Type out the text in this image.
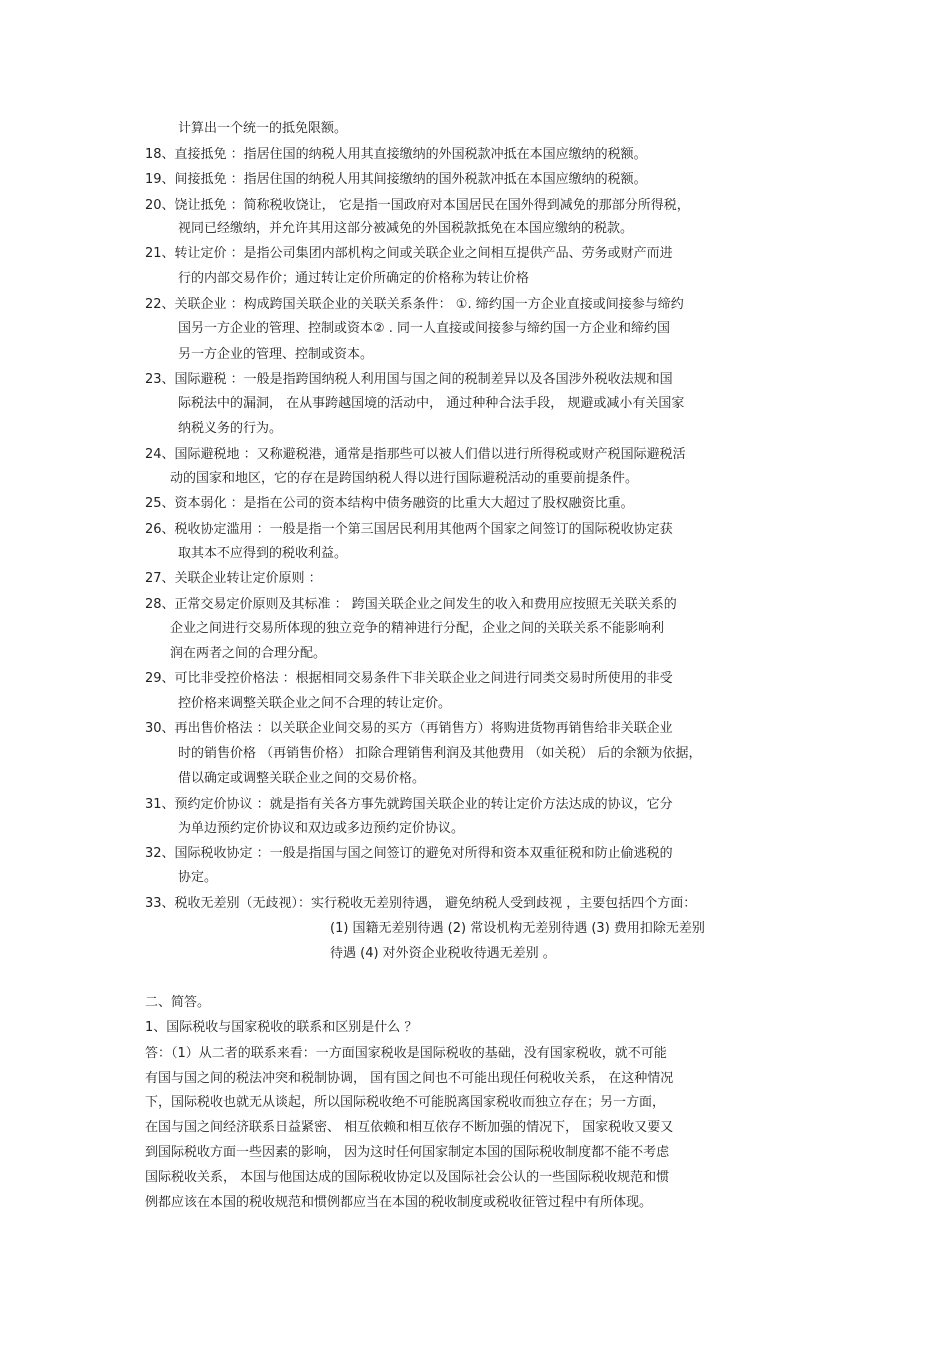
计算出一个统一的抵免限额。

18、直接抵免 ：指居住国的纳税人用其直接缴纳的外国税款冲抵在本国应缴纳的税额。

19、间接抵免 ：指居住国的纳税人用其间接缴纳的国外税款冲抵在本国应缴纳的税额。

20、饶让抵免 ：简称税收饶让， 它是指一国政府对本国居民在国外得到减免的那部分所得税，

视同已经缴纳，并允许其用这部分被减免的外国税款抵免在本国应缴纳的税款。

21、转让定价 ：是指公司集团内部机构之间或关联企业之间相互提供产品、劳务或财产而进

行的内部交易作价；通过转让定价所确定的价格称为转让价格

22、关联企业 ：构成跨国关联企业的关联关系条件： ①. 缔约国一方企业直接或间接参与缔约

国另一方企业的管理、控制或资本② . 同一人直接或间接参与缔约国一方企业和缔约国

另一方企业的管理、控制或资本。

23、国际避税 ：一般是指跨国纳税人利用国与国之间的税制差异以及各国涉外税收法规和国

际税法中的漏洞， 在从事跨越国境的活动中， 通过种种合法手段， 规避或减小有关国家

纳税义务的行为。

24、国际避税地 ：又称避税港，通常是指那些可以被人们借以进行所得税或财产税国际避税活

动的国家和地区，它的存在是跨国纳税人得以进行国际避税活动的重要前提条件。

25、资本弱化 ：是指在公司的资本结构中债务融资的比重大大超过了股权融资比重。

26、税收协定滥用 ：一般是指一个第三国居民利用其他两个国家之间签订的国际税收协定获

取其本不应得到的税收利益。

27、关联企业转让定价原则 ：

28、正常交易定价原则及其标准 ： 跨国关联企业之间发生的收入和费用应按照无关联关系的

企业之间进行交易所体现的独立竞争的精神进行分配，企业之间的关联关系不能影响利

润在两者之间的合理分配。

29、可比非受控价格法 ：根据相同交易条件下非关联企业之间进行同类交易时所使用的非受

控价格来调整关联企业之间不合理的转让定价。

30、再出售价格法 ：以关联企业间交易的买方（再销售方）将购进货物再销售给非关联企业

时的销售价格 （再销售价格） 扣除合理销售利润及其他费用 （如关税） 后的余额为依据，

借以确定或调整关联企业之间的交易价格。

31、预约定价协议 ：就是指有关各方事先就跨国关联企业的转让定价方法达成的协议，它分

为单边预约定价协议和双边或多边预约定价协议。

32、国际税收协定 ：一般是指国与国之间签订的避免对所得和资本双重征税和防止偷逃税的

协定。

33、税收无差别（无歧视）：实行税收无差别待遇， 避免纳税人受到歧视 ，主要包括四个方面：

(1) 国籍无差别待遇 (2) 常设机构无差别待遇 (3) 费用扣除无差别

待遇 (4) 对外资企业税收待遇无差别 。

二、简答。

1、国际税收与国家税收的联系和区别是什么 ？

答：（1）从二者的联系来看：一方面国家税收是国际税收的基础，没有国家税收，就不可能

有国与国之间的税法冲突和税制协调， 国有国之间也不可能出现任何税收关系， 在这种情况

下，国际税收也就无从谈起，所以国际税收绝不可能脱离国家税收而独立存在；另一方面，

在国与国之间经济联系日益紧密、 相互依赖和相互依存不断加强的情况下， 国家税收又要又

到国际税收方面一些因素的影响， 因为这时任何国家制定本国的国际税收制度都不能不考虑

国际税收关系， 本国与他国达成的国际税收协定以及国际社会公认的一些国际税收规范和惯

例都应该在本国的税收规范和惯例都应当在本国的税收制度或税收征管过程中有所体现。
